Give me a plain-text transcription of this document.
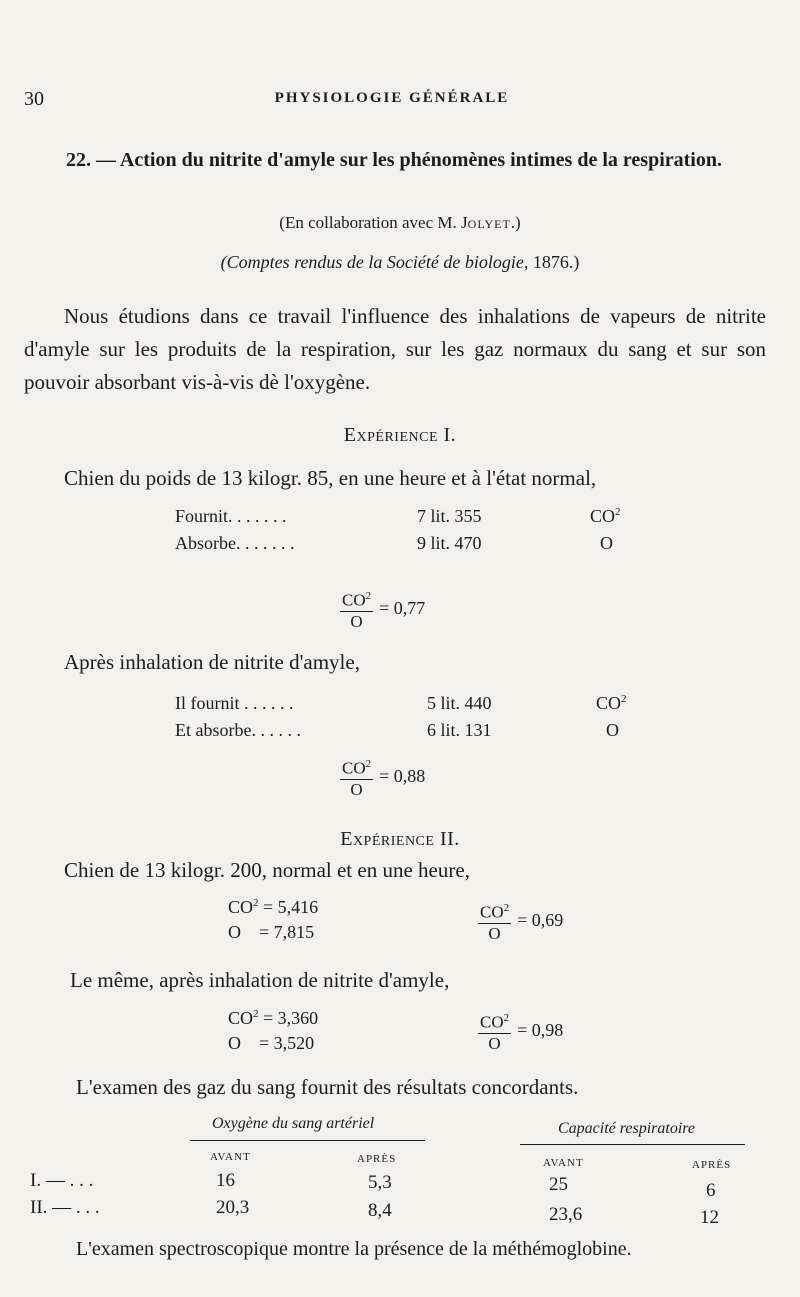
30	PHYSIOLOGIE GÉNÉRALE
22. — Action du nitrite d'amyle sur les phénomènes intimes de la respiration.
(En collaboration avec M. JOLYET.)
(Comptes rendus de la Société de biologie, 1876.)
Nous étudions dans ce travail l'influence des inhalations de vapeurs de nitrite d'amyle sur les produits de la respiration, sur les gaz normaux du sang et sur son pouvoir absorbant vis-à-vis dè l'oxygène.
EXPÉRIENCE I.
Chien du poids de 13 kilogr. 85, en une heure et à l'état normal,
Fournit. . . . . . .	7 lit. 355	$CO^2$
Absorbe. . . . . . .	9 lit. 470	O
$\frac{CO^2}{O} = 0,77$
Après inhalation de nitrite d'amyle,
Il fournit . . . . . .	5 lit. 440	$CO^2$
Et absorbe. . . . . .	6 lit. 131	O
$\frac{CO^2}{O} = 0,88$
EXPÉRIENCE II.
Chien de 13 kilogr. 200, normal et en une heure,
$CO^2 = 5,416$
O = 7,815	$\frac{CO^2}{O} = 0,69$
Le même, après inhalation de nitrite d'amyle,
$CO^2 = 3,360$
O = 3,520	$\frac{CO^2}{O} = 0,98$
L'examen des gaz du sang fournit des résultats concordants.
Oxygène du sang artériel	Capacité respiratoire
AVANT	APRÈS	AVANT	APRÈS
I. — . . .	16	5,3	25	6
II. — . . .	20,3	8,4	23,6	12
L'examen spectroscopique montre la présence de la méthémoglobine.
